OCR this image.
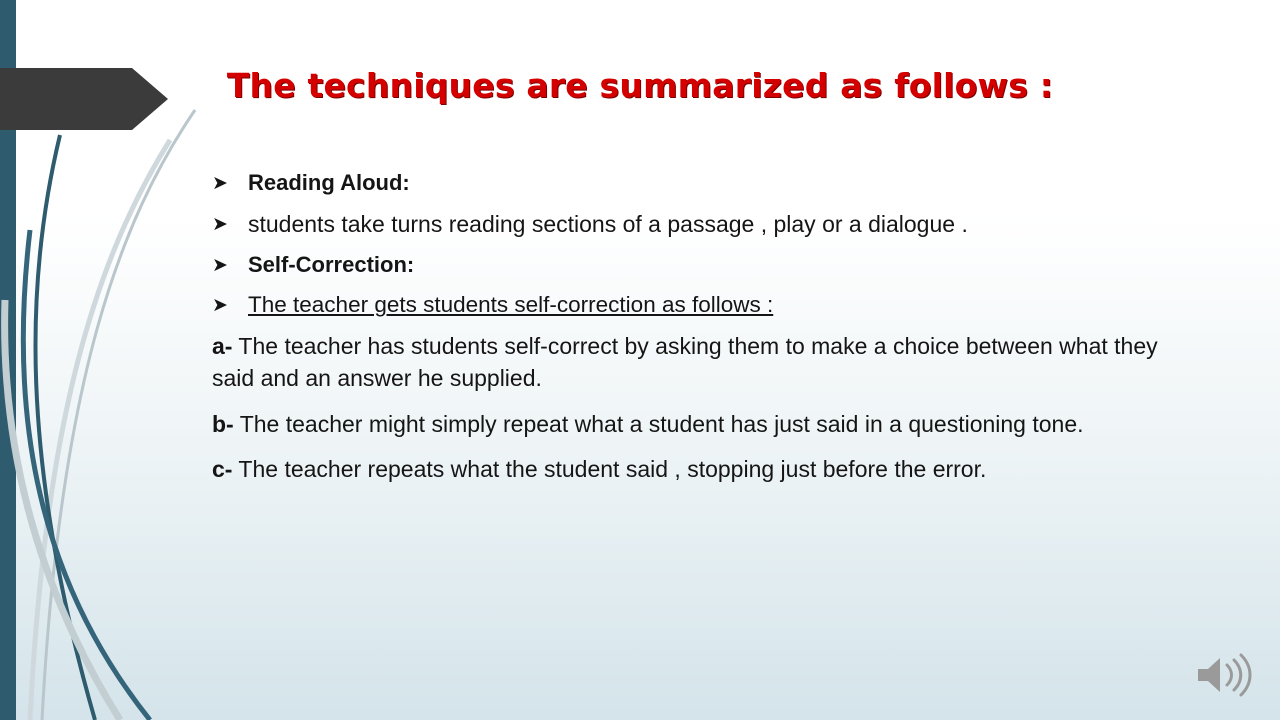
The techniques are summarized as follows :
➤ Reading Aloud:
➤ students take turns reading sections of a passage , play or a dialogue .
➤ Self-Correction:
➤ The teacher gets students self-correction as follows :
a- The teacher has students self-correct by asking them to make a choice between what they said and an answer he supplied.
b- The teacher might simply repeat what a student has just said in a questioning tone.
c- The teacher repeats what the student said , stopping just before the error.
